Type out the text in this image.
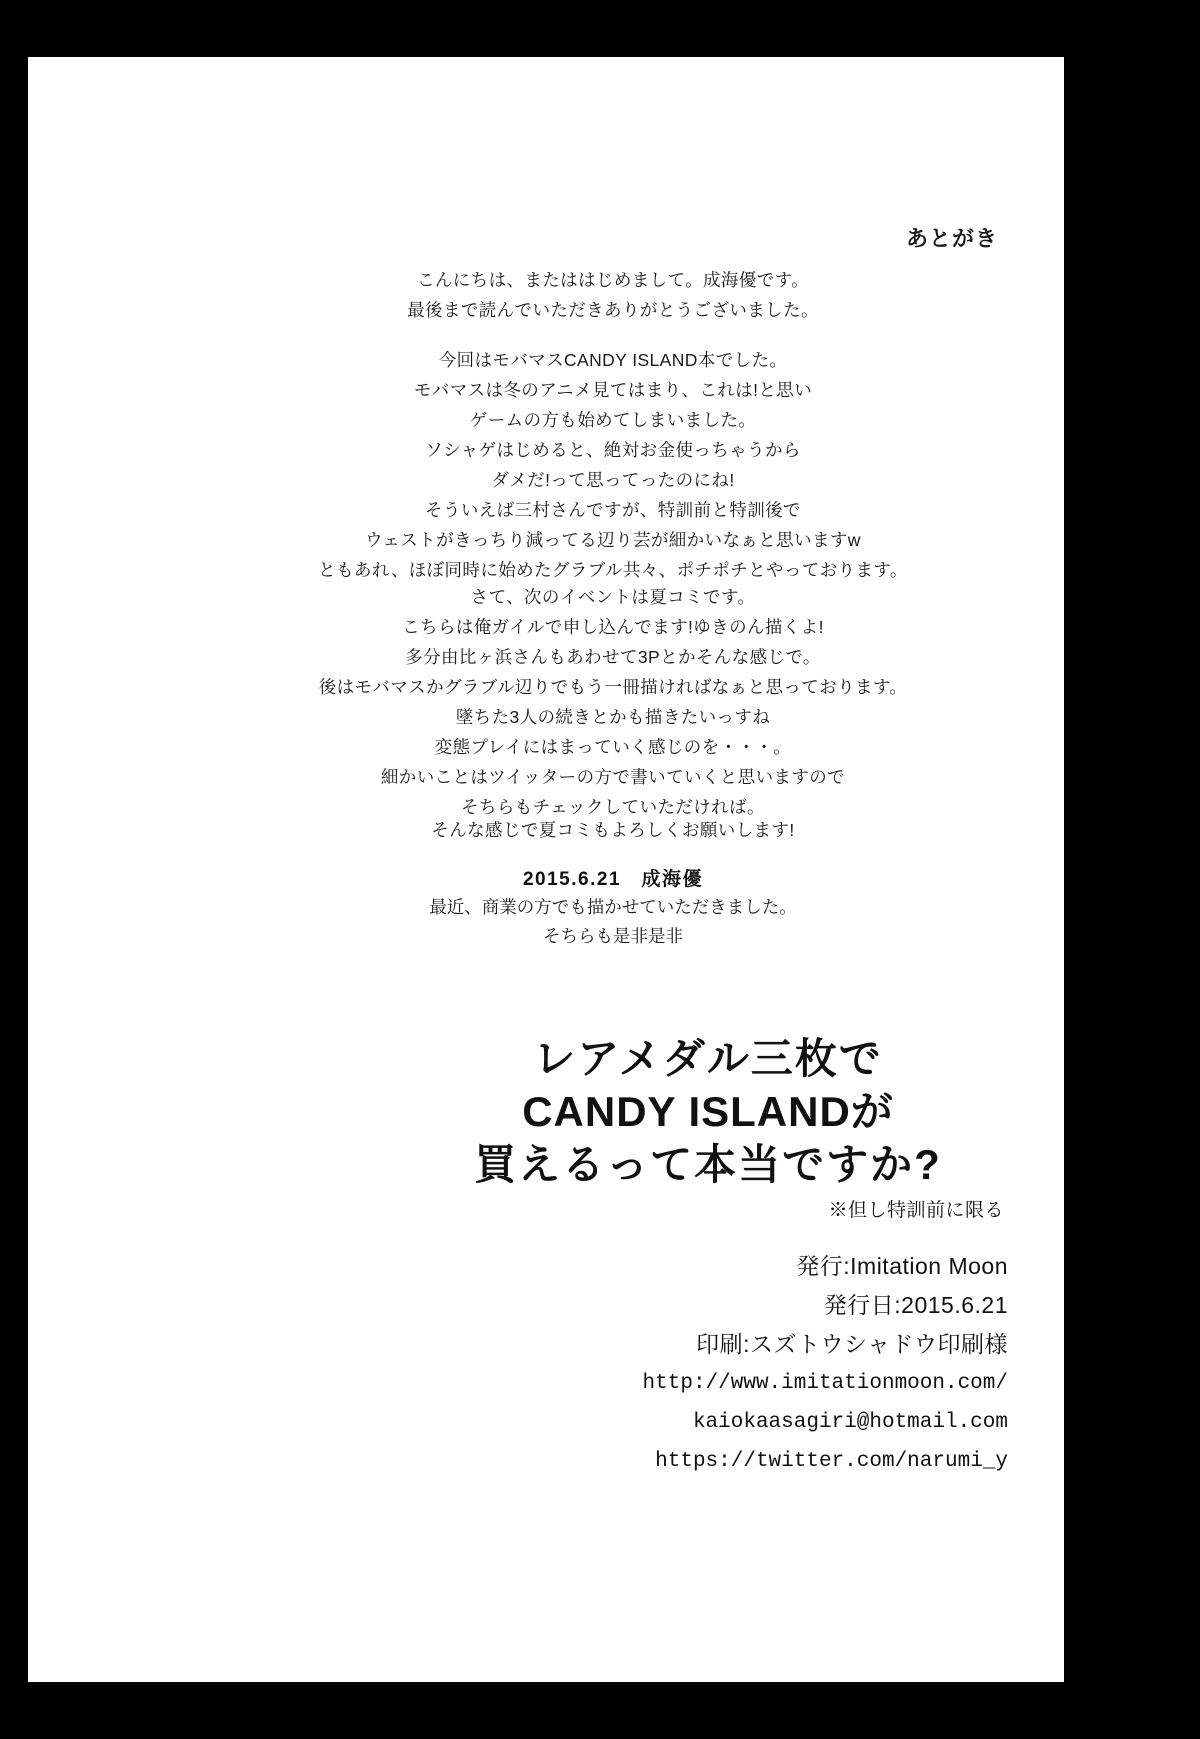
あとがき
こんにちは、またははじめまして。成海優です。
最後まで読んでいただきありがとうございました。
今回はモバマスCANDY ISLAND本でした。
モバマスは冬のアニメ見てはまり、これは!と思い
ゲームの方も始めてしまいました。
ソシャゲはじめると、絶対お金使っちゃうから
ダメだ!って思ってったのにね!
そういえば三村さんですが、特訓前と特訓後で
ウェストがきっちり減ってる辺り芸が細かいなぁと思いますw
ともあれ、ほぼ同時に始めたグラブル共々、ポチポチとやっております。
さて、次のイベントは夏コミです。
こちらは俺ガイルで申し込んでます!ゆきのん描くよ!
多分由比ヶ浜さんもあわせて3Pとかそんな感じで。
後はモバマスかグラブル辺りでもう一冊描ければなぁと思っております。
墜ちた3人の続きとかも描きたいっすね
変態プレイにはまっていく感じのを・・・。
細かいことはツイッターの方で書いていくと思いますので
そちらもチェックしていただければ。
そんな感じで夏コミもよろしくお願いします!
2015.6.21　成海優
最近、商業の方でも描かせていただきました。
そちらも是非是非
レアメダル三枚で
CANDY ISLANDが
買えるって本当ですか?
※但し特訓前に限る
発行:Imitation Moon
発行日:2015.6.21
印刷:スズトウシャドウ印刷様
http://www.imitationmoon.com/
kaiokaasagiri@hotmail.com
https://twitter.com/narumi_y
